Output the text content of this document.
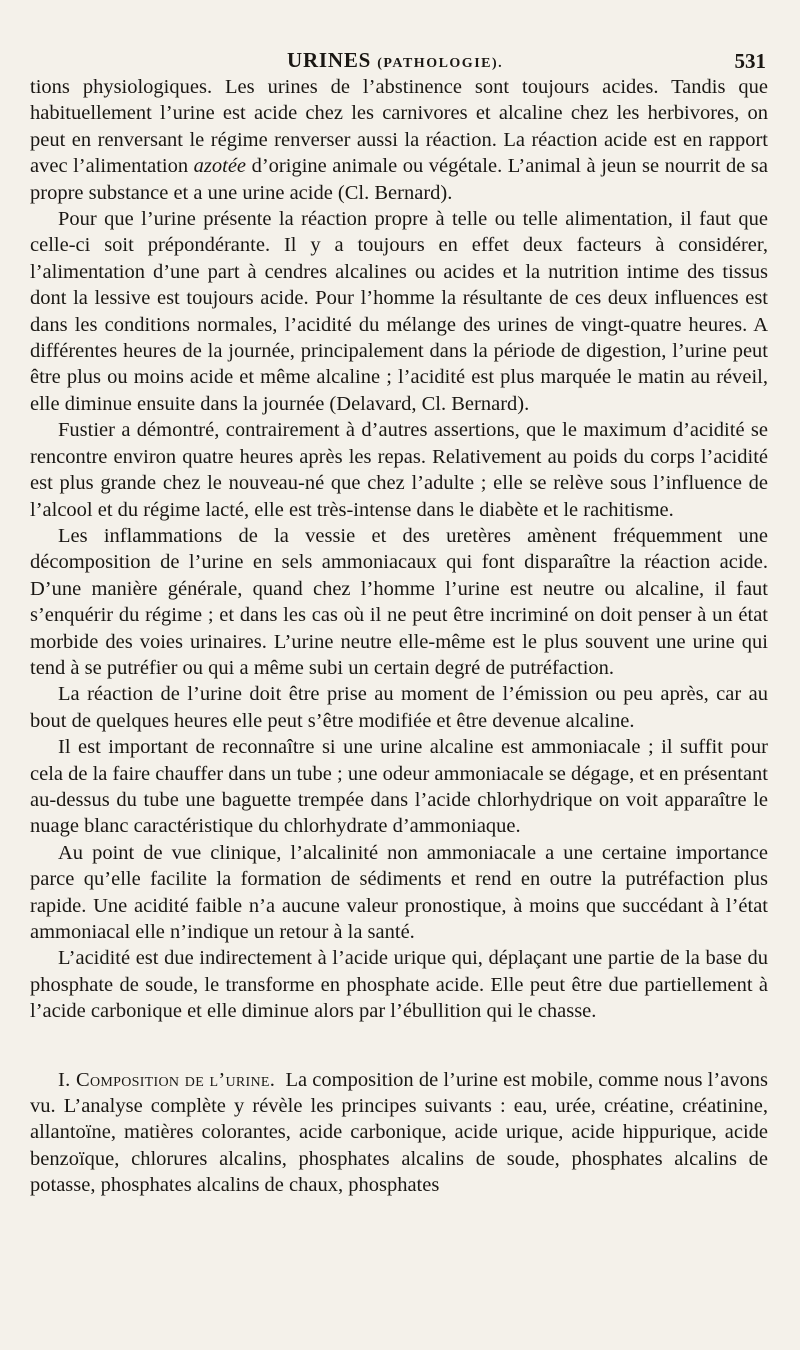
URINES (PATHOLOGIE).	531

tions physiologiques. Les urines de l’abstinence sont toujours acides. Tandis que habituellement l’urine est acide chez les carnivores et alcaline chez les herbivores, on peut en renversant le régime renverser aussi la réaction. La réaction acide est en rapport avec l’alimentation azotée d’origine animale ou végétale. L’animal à jeun se nourrit de sa propre substance et a une urine acide (Cl. Bernard).

Pour que l’urine présente la réaction propre à telle ou telle alimentation, il faut que celle-ci soit prépondérante. Il y a toujours en effet deux facteurs à considérer, l’alimentation d’une part à cendres alcalines ou acides et la nutrition intime des tissus dont la lessive est toujours acide. Pour l’homme la résultante de ces deux influences est dans les conditions normales, l’acidité du mélange des urines de vingt-quatre heures. A différentes heures de la journée, principalement dans la période de digestion, l’urine peut être plus ou moins acide et même alcaline ; l’acidité est plus marquée le matin au réveil, elle diminue ensuite dans la journée (Delavard, Cl. Bernard).

Fustier a démontré, contrairement à d’autres assertions, que le maximum d’acidité se rencontre environ quatre heures après les repas. Relativement au poids du corps l’acidité est plus grande chez le nouveau-né que chez l’adulte ; elle se relève sous l’influence de l’alcool et du régime lacté, elle est très-intense dans le diabète et le rachitisme.

Les inflammations de la vessie et des uretères amènent fréquemment une décomposition de l’urine en sels ammoniacaux qui font disparaître la réaction acide. D’une manière générale, quand chez l’homme l’urine est neutre ou alcaline, il faut s’enquérir du régime ; et dans les cas où il ne peut être incriminé on doit penser à un état morbide des voies urinaires. L’urine neutre elle-même est le plus souvent une urine qui tend à se putréfier ou qui a même subi un certain degré de putréfaction.

La réaction de l’urine doit être prise au moment de l’émission ou peu après, car au bout de quelques heures elle peut s’être modifiée et être devenue alcaline.

Il est important de reconnaître si une urine alcaline est ammoniacale ; il suffit pour cela de la faire chauffer dans un tube ; une odeur ammoniacale se dégage, et en présentant au-dessus du tube une baguette trempée dans l’acide chlorhydrique on voit apparaître le nuage blanc caractéristique du chlorhydrate d’ammoniaque.

Au point de vue clinique, l’alcalinité non ammoniacale a une certaine importance parce qu’elle facilite la formation de sédiments et rend en outre la putréfaction plus rapide. Une acidité faible n’a aucune valeur pronostique, à moins que succédant à l’état ammoniacal elle n’indique un retour à la santé.

L’acidité est due indirectement à l’acide urique qui, déplaçant une partie de la base du phosphate de soude, le transforme en phosphate acide. Elle peut être due partiellement à l’acide carbonique et elle diminue alors par l’ébullition qui le chasse.

I. Composition de l’urine. La composition de l’urine est mobile, comme nous l’avons vu. L’analyse complète y révèle les principes suivants : eau, urée, créatine, créatinine, allantoïne, matières colorantes, acide carbonique, acide urique, acide hippurique, acide benzoïque, chlorures alcalins, phosphates alcalins de soude, phosphates alcalins de potasse, phosphates alcalins de chaux, phosphates
